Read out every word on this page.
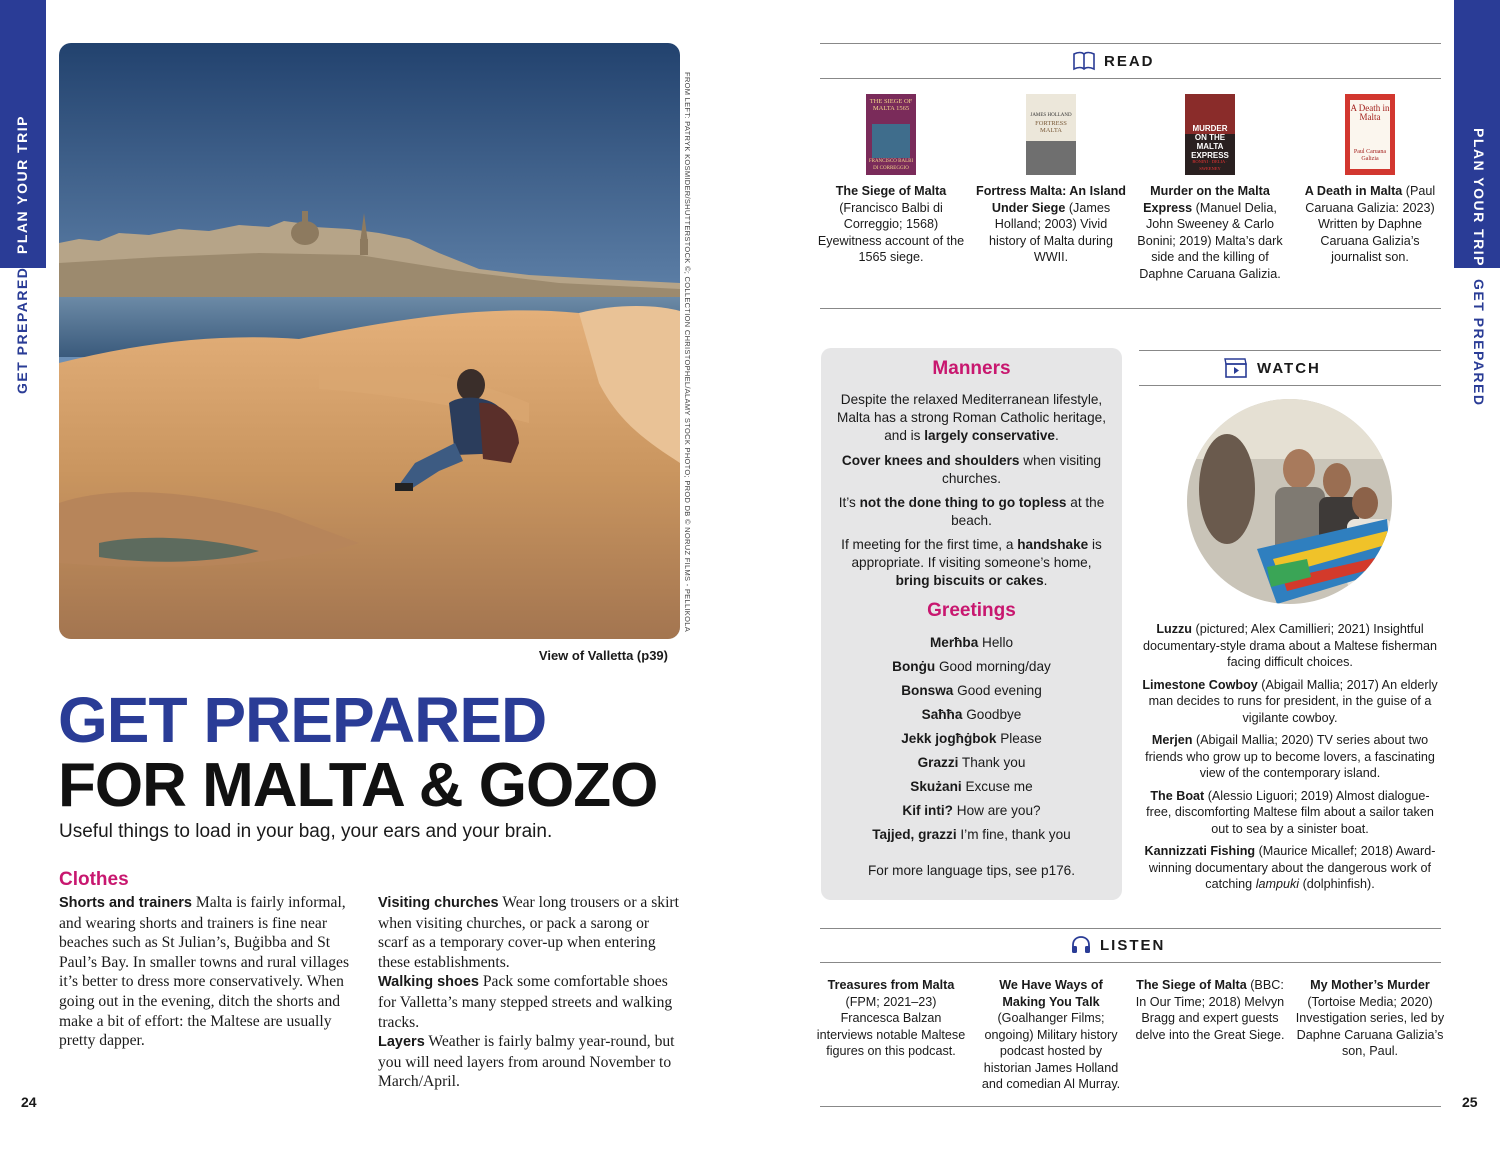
PLAN YOUR TRIP
GET PREPARED
PLAN YOUR TRIP
GET PREPARED
FROM LEFT: PATRYK KOSMIDER/SHUTTERSTOCK ©; COLLECTION CHRISTOPHEL/ALAMY STOCK PHOTO; PROD DB © NORUZ FILMS - PELLIKOLA
View of Valletta (p39)
GET PREPARED
FOR MALTA & GOZO
Useful things to load in your bag, your ears and your brain.
Clothes
Shorts and trainers Malta is fairly informal, and wearing shorts and trainers is fine near beaches such as St Julian’s, Buġibba and St Paul’s Bay. In smaller towns and rural villages it’s better to dress more conservatively. When going out in the evening, ditch the shorts and make a bit of effort: the Maltese are usually pretty dapper.
Visiting churches Wear long trousers or a skirt when visiting churches, or pack a sarong or scarf as a temporary cover-up when entering these establishments.
Walking shoes Pack some comfortable shoes for Valletta’s many stepped streets and walking tracks.
Layers Weather is fairly balmy year-round, but you will need layers from around November to March/April.
24
READ
THE SIEGE OF MALTA 1565
FRANCISCO BALBI DI CORREGGIO
The Siege of Malta (Francisco Balbi di Correggio; 1568) Eyewitness account of the 1565 siege.
JAMES HOLLAND
FORTRESS MALTA
Fortress Malta: An Island Under Siege (James Holland; 2003) Vivid history of Malta during WWII.
MURDER ON THE MALTA EXPRESS
BONINI · DELIA · SWEENEY
Murder on the Malta Express (Manuel Delia, John Sweeney & Carlo Bonini; 2019) Malta’s dark side and the killing of Daphne Caruana Galizia.
A Death in Malta
Paul Caruana Galizia
A Death in Malta (Paul Caruana Galizia: 2023) Written by Daphne Caruana Galizia’s journalist son.
Manners
Despite the relaxed Mediterranean lifestyle, Malta has a strong Roman Catholic heritage, and is largely conservative.
Cover knees and shoulders when visiting churches.
It’s not the done thing to go topless at the beach.
If meeting for the first time, a handshake is appropriate. If visiting someone’s home, bring biscuits or cakes.
Greetings
Merħba Hello
Bonġu Good morning/day
Bonswa Good evening
Saħħa Goodbye
Jekk jogħġbok Please
Grazzi Thank you
Skużani Excuse me
Kif inti? How are you?
Tajjed, grazzi I’m fine, thank you
For more language tips, see p176.
WATCH

Luzzu (pictured; Alex Camillieri; 2021) Insightful documentary-style drama about a Maltese fisherman facing difficult choices.

Limestone Cowboy (Abigail Mallia; 2017) An elderly man decides to runs for president, in the guise of a vigilante cowboy.

Merjen (Abigail Mallia; 2020) TV series about two friends who grow up to become lovers, a fascinating view of the contemporary island.

The Boat (Alessio Liguori; 2019) Almost dialogue-free, discomforting Maltese film about a sailor taken out to sea by a sinister boat.

Kannizzati Fishing (Maurice Micallef; 2018) Award-winning documentary about the dangerous work of catching lampuki (dolphinfish).

LISTEN
Treasures from Malta (FPM; 2021–23) Francesca Balzan interviews notable Maltese figures on this podcast.
We Have Ways of Making You Talk (Goalhanger Films; ongoing) Military history podcast hosted by historian James Holland and comedian Al Murray.
The Siege of Malta (BBC: In Our Time; 2018) Melvyn Bragg and expert guests delve into the Great Siege.
My Mother’s Murder (Tortoise Media; 2020) Investigation series, led by Daphne Caruana Galizia’s son, Paul.
25
